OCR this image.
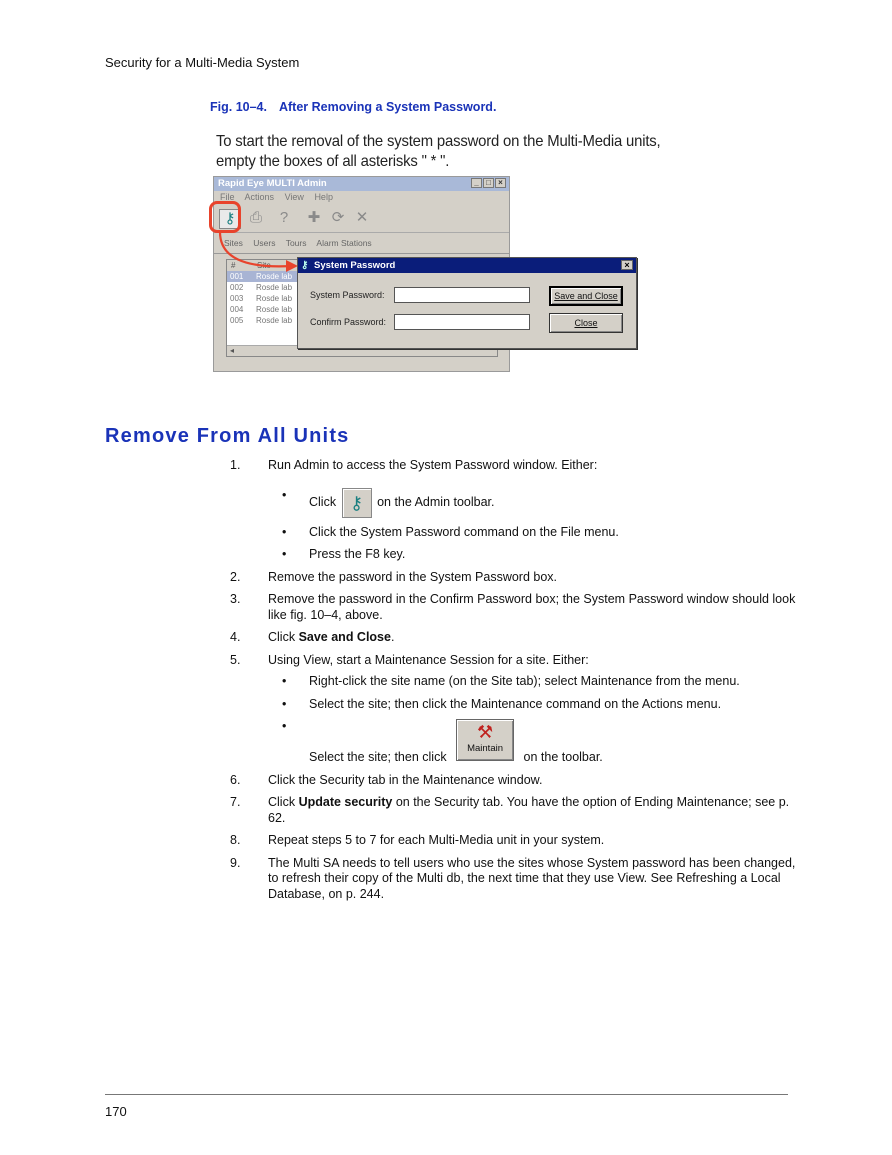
Security for a Multi-Media System
Fig. 10–4. After Removing a System Password.
To start the removal of the system password on the Multi-Media units,
empty the boxes of all asterisks " * ".
Rapid Eye MULTI Admin	_ □ ×
File Actions View Help
⚷ ⎙	?	✚ ⟳ ✕
Sites Users Tours Alarm Stations
#	Site
001 Rosde lab
002 Rosde lab
003 Rosde lab
004 Rosde lab
005 Rosde lab
◂
⚷ System Password	×
System Password:
Confirm Password:
Save and Close
Close
Remove From All Units
1. Run Admin to access the System Password window. Either:
• Click ⚷ on the Admin toolbar.
• Click the System Password command on the File menu.
• Press the F8 key.
2. Remove the password in the System Password box.
3. Remove the password in the Confirm Password box; the System Password window should look like fig. 10–4, above.
4. Click Save and Close.
5. Using View, start a Maintenance Session for a site. Either:
• Right-click the site name (on the Site tab); select Maintenance from the menu.
• Select the site; then click the Maintenance command on the Actions menu.
•
Select the site; then click
⚒
Maintain
on the toolbar.
6. Click the Security tab in the Maintenance window.
7. Click Update security on the Security tab. You have the option of Ending Maintenance; see p. 62.
8. Repeat steps 5 to 7 for each Multi-Media unit in your system.
9. The Multi SA needs to tell users who use the sites whose System password has been changed, to refresh their copy of the Multi db, the next time that they use View. See Refreshing a Local Database, on p. 244.
170
